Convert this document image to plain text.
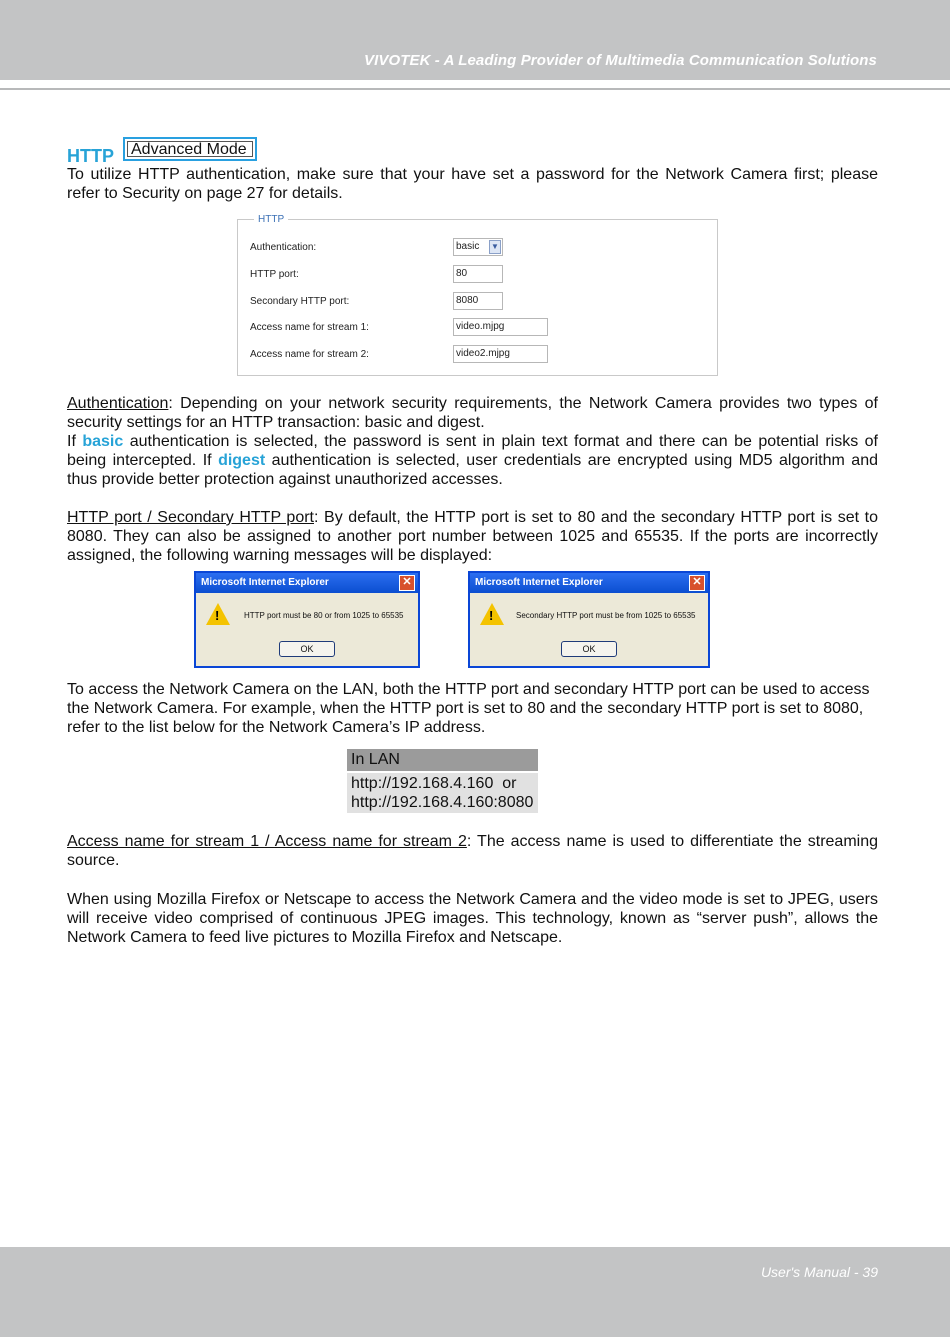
VIVOTEK - A Leading Provider of Multimedia Communication Solutions
HTTP Advanced Mode
To utilize HTTP authentication, make sure that your have set a password for the Network Camera first; please refer to Security on page 27 for details.
HTTP
Authentication:	basic ▼
HTTP port:	80
Secondary HTTP port:	8080
Access name for stream 1:	video.mjpg
Access name for stream 2:	video2.mjpg
Authentication: Depending on your network security requirements, the Network Camera provides two types of security settings for an HTTP transaction: basic and digest.
If basic authentication is selected, the password is sent in plain text format and there can be potential risks of being intercepted. If digest authentication is selected, user credentials are encrypted using MD5 algorithm and thus provide better protection against unauthorized accesses.
HTTP port / Secondary HTTP port: By default, the HTTP port is set to 80 and the secondary HTTP port is set to 8080. They can also be assigned to another port number between 1025 and 65535. If the ports are incorrectly assigned, the following warning messages will be displayed:
Microsoft Internet Explorer	✕
!	HTTP port must be 80 or from 1025 to 65535
OK
Microsoft Internet Explorer	✕
!	Secondary HTTP port must be from 1025 to 65535
OK
To access the Network Camera on the LAN, both the HTTP port and secondary HTTP port can be used to access the Network Camera. For example, when the HTTP port is set to 80 and the secondary HTTP port is set to 8080, refer to the list below for the Network Camera’s IP address.
In LAN
http://192.168.4.160  or
http://192.168.4.160:8080
Access name for stream 1 / Access name for stream 2: The access name is used to differentiate the streaming source.
When using Mozilla Firefox or Netscape to access the Network Camera and the video mode is set to JPEG, users will receive video comprised of continuous JPEG images. This technology, known as “server push”, allows the Network Camera to feed live pictures to Mozilla Firefox and Netscape.
User's Manual - 39
